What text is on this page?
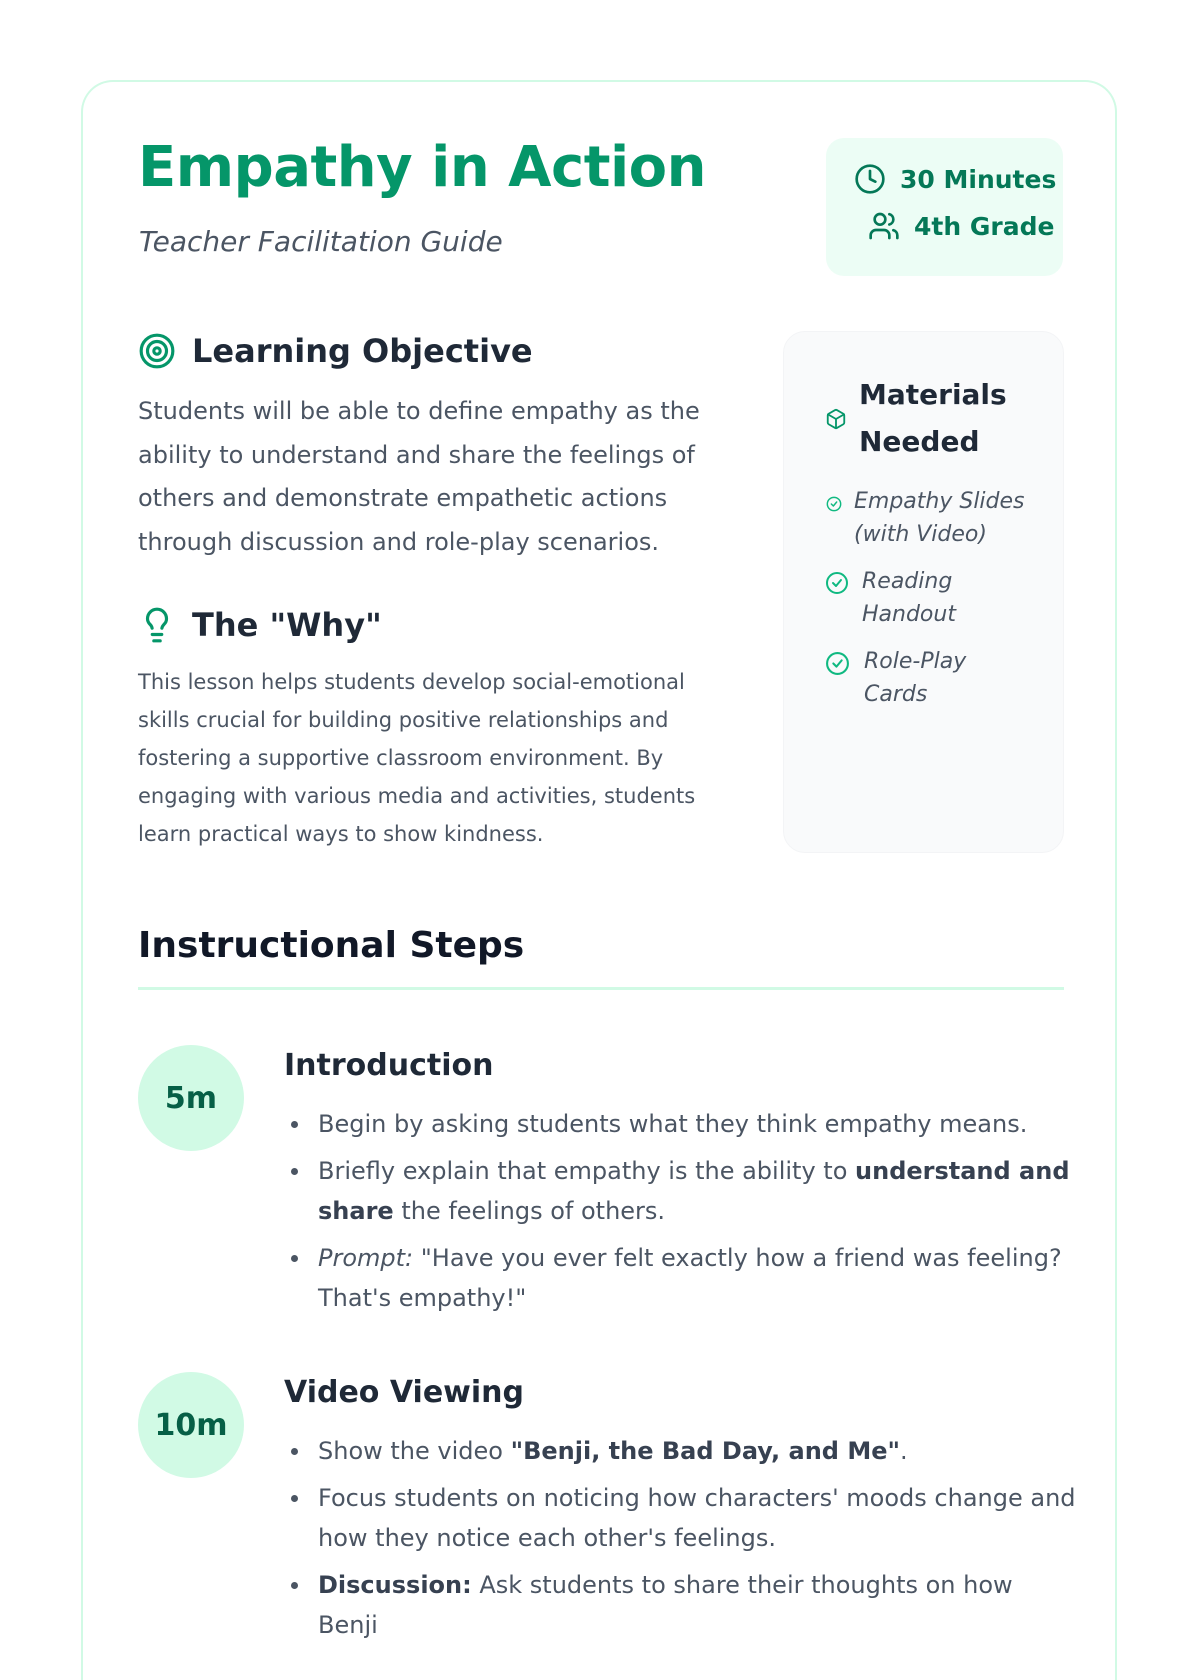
Empathy in Action
Teacher Facilitation Guide
30 Minutes
4th Grade
Learning Objective
Students will be able to define empathy as the ability to understand and share the feelings of others and demonstrate empathetic actions through discussion and role-play scenarios.
The "Why"
This lesson helps students develop social-emotional skills crucial for building positive relationships and fostering a supportive classroom environment. By engaging with various media and activities, students learn practical ways to show kindness.
Materials
Needed
Empathy Slides
(with Video)
Reading
Handout
Role-Play
Cards
Instructional Steps
5m
Introduction
Begin by asking students what they think empathy means.
Briefly explain that empathy is the ability to understand and share the feelings of others.
Prompt: "Have you ever felt exactly how a friend was feeling? That's empathy!"
10m
Video Viewing
Show the video "Benji, the Bad Day, and Me".
Focus students on noticing how characters' moods change and how they notice each other's feelings.
Discussion: Ask students to share their thoughts on how Benji
